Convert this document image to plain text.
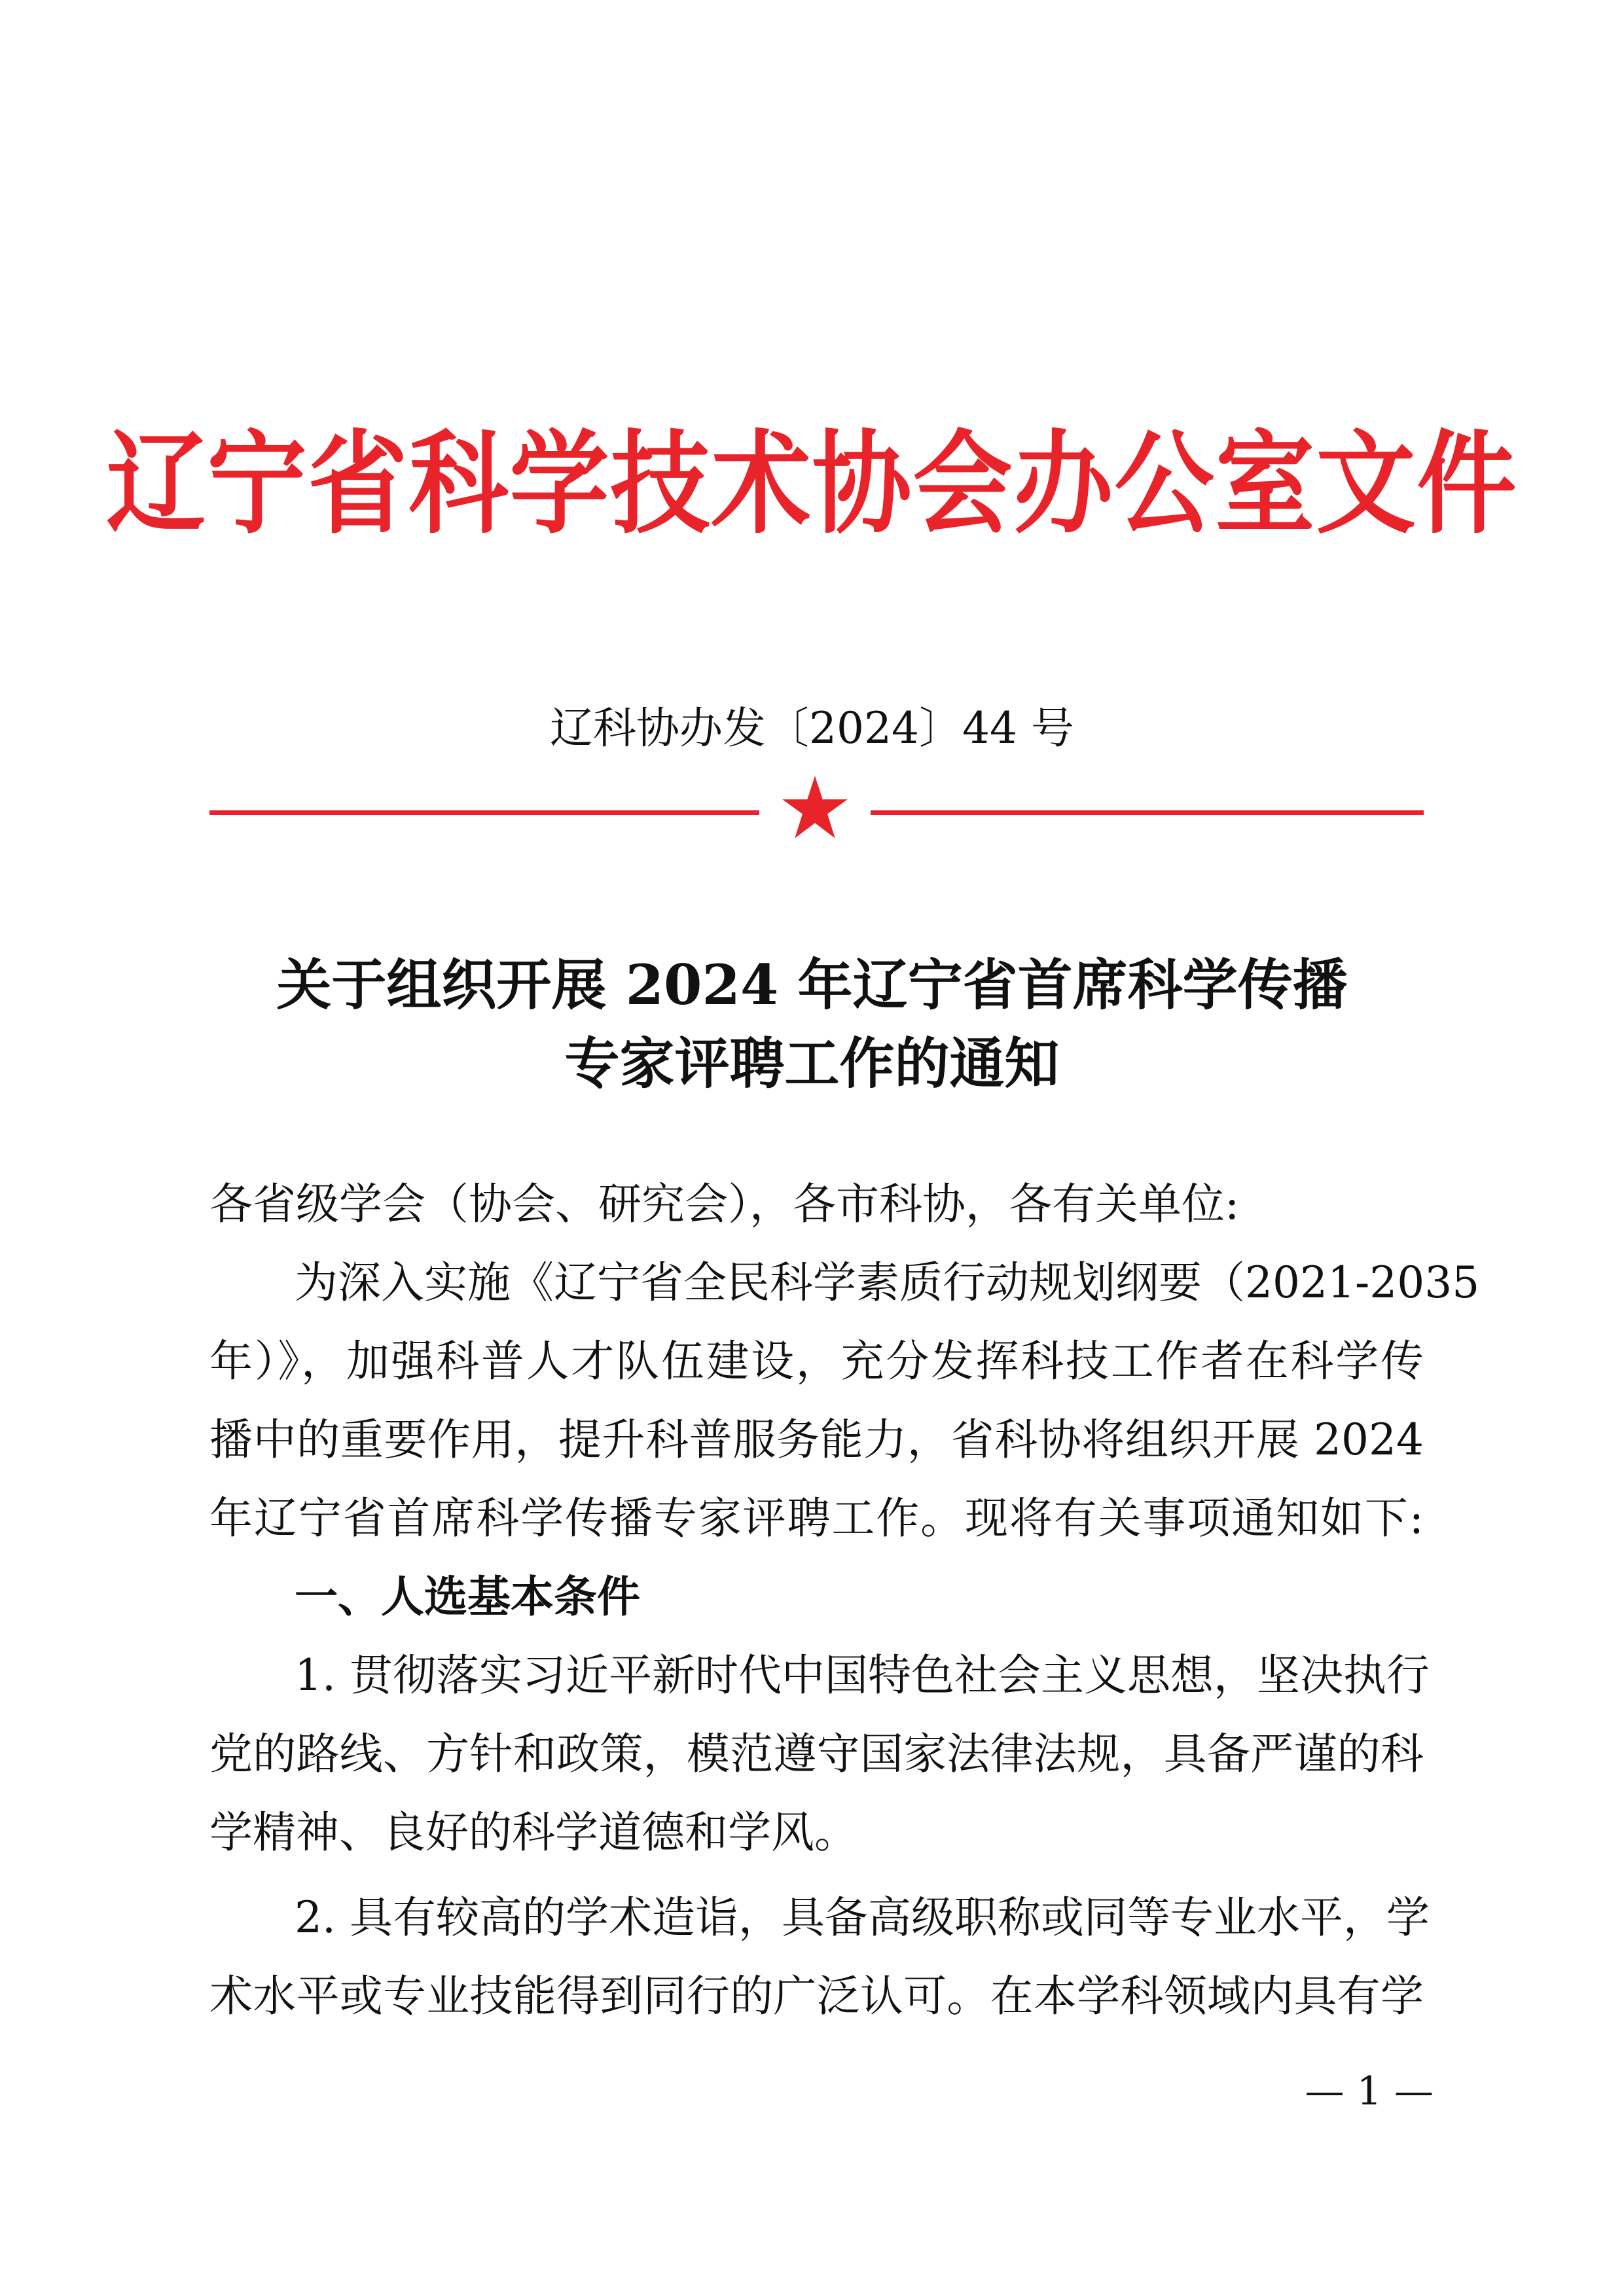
辽宁省科学技术协会办公室文件
辽科协办发〔2024〕44 号
关于组织开展 2024 年辽宁省首席科学传播
专家评聘工作的通知
各省级学会（协会、研究会），各市科协，各有关单位:
为深入实施《辽宁省全民科学素质行动规划纲要（2021-2035
年）》，加强科普人才队伍建设，充分发挥科技工作者在科学传
播中的重要作用，提升科普服务能力，省科协将组织开展 2024
年辽宁省首席科学传播专家评聘工作。现将有关事项通知如下:
一、人选基本条件
1. 贯彻落实习近平新时代中国特色社会主义思想，坚决执行
党的路线、方针和政策，模范遵守国家法律法规，具备严谨的科
学精神、良好的科学道德和学风。
2. 具有较高的学术造诣，具备高级职称或同等专业水平，学
术水平或专业技能得到同行的广泛认可。在本学科领域内具有学
— 1 —
